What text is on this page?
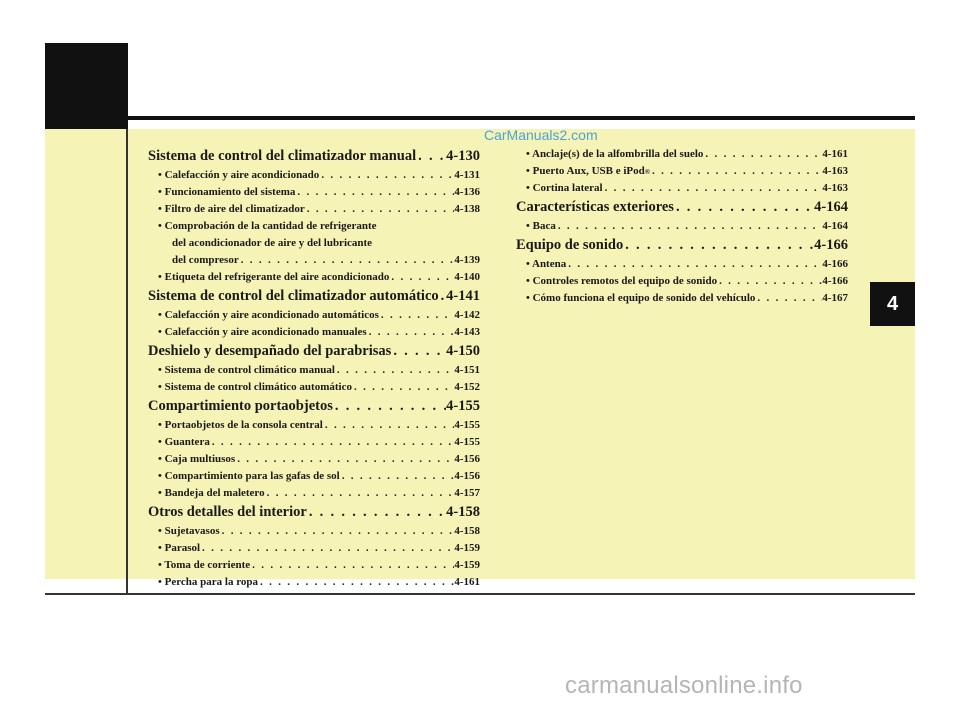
CarManuals2.com
Sistema de control del climatizador manual . . . 4-130
• Calefacción y aire acondicionado . . .	4-131
• Funcionamiento del sistema . . .	4-136
• Filtro de aire del climatizador . . .	4-138
• Comprobación de la cantidad de refrigerante
del acondicionador de aire y del lubricante
del compresor . . .	4-139
• Etiqueta del refrigerante del aire acondicionado . . .	4-140
Sistema de control del climatizador automático . . . 4-141
• Calefacción y aire acondicionado automáticos . . .	4-142
• Calefacción y aire acondicionado manuales . . .	4-143
Deshielo y desempañado del parabrisas . . .	4-150
• Sistema de control climático manual . . .	4-151
• Sistema de control climático automático . . .	4-152
Compartimiento portaobjetos . . .	4-155
• Portaobjetos de la consola central . . .	4-155
• Guantera . . .	4-155
• Caja multiusos . . .	4-156
• Compartimiento para las gafas de sol . . .	4-156
• Bandeja del maletero . . .	4-157
Otros detalles del interior . . .	4-158
• Sujetavasos . . .	4-158
• Parasol . . .	4-159
• Toma de corriente . . .	4-159
• Percha para la ropa . . .	4-161
• Anclaje(s) de la alfombrilla del suelo . . .	4-161
• Puerto Aux, USB e iPod ® . . .	4-163
• Cortina lateral . . .	4-163
Características exteriores . . .	4-164
• Baca . . .	4-164
Equipo de sonido . . .	4-166
• Antena . . .	4-166
• Controles remotos del equipo de sonido . . .	4-166
• Cómo funciona el equipo de sonido del vehículo . . .	4-167	4
carmanualsonline.info
